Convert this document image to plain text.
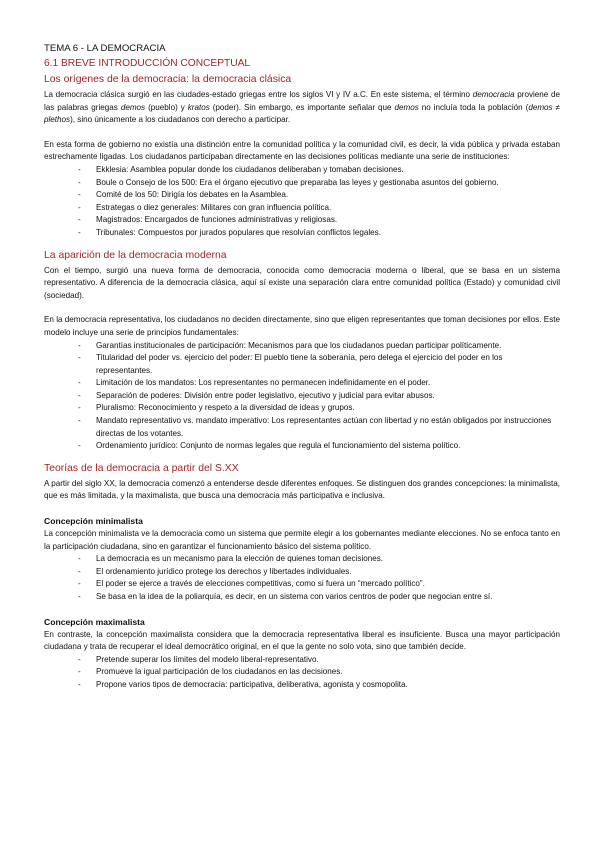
TEMA 6 - LA DEMOCRACIA
6.1 BREVE INTRODUCCIÓN CONCEPTUAL
Los orígenes de la democracia: la democracia clásica

La democracia clásica surgió en las ciudades-estado griegas entre los siglos VI y IV a.C. En este sistema, el término democracia proviene de las palabras griegas demos (pueblo) y kratos (poder). Sin embargo, es importante señalar que demos no incluía toda la población (demos ≠ plethos), sino únicamente a los ciudadanos con derecho a participar.

En esta forma de gobierno no existía una distinción entre la comunidad política y la comunidad civil, es decir, la vida pública y privada estaban estrechamente ligadas. Los ciudadanos participaban directamente en las decisiones políticas mediante una serie de instituciones:

- Ekklesia: Asamblea popular donde los ciudadanos deliberaban y tomaban decisiones.
- Boule o Consejo de los 500: Era el órgano ejecutivo que preparaba las leyes y gestionaba asuntos del gobierno.
- Comité de los 50: Dirigía los debates en la Asamblea.
- Estrategas o diez generales: Militares con gran influencia política.
- Magistrados: Encargados de funciones administrativas y religiosas.
- Tribunales: Compuestos por jurados populares que resolvían conflictos legales.
La aparición de la democracia moderna

Con el tiempo, surgió una nueva forma de democracia, conocida como democracia moderna o liberal, que se basa en un sistema representativo. A diferencia de la democracia clásica, aquí sí existe una separación clara entre comunidad política (Estado) y comunidad civil (sociedad).

En la democracia representativa, los ciudadanos no deciden directamente, sino que eligen representantes que toman decisiones por ellos. Este modelo incluye una serie de principios fundamentales:

- Garantías institucionales de participación: Mecanismos para que los ciudadanos puedan participar políticamente.
- Titularidad del poder vs. ejercicio del poder: El pueblo tiene la soberanía, pero delega el ejercicio del poder en los representantes.
- Limitación de los mandatos: Los representantes no permanecen indefinidamente en el poder.
- Separación de poderes: División entre poder legislativo, ejecutivo y judicial para evitar abusos.
- Pluralismo: Reconocimiento y respeto a la diversidad de ideas y grupos.
- Mandato representativo vs. mandato imperativo: Los representantes actúan con libertad y no están obligados por instrucciones directas de los votantes.
- Ordenamiento jurídico: Conjunto de normas legales que regula el funcionamiento del sistema político.
Teorías de la democracia a partir del S.XX

A partir del siglo XX, la democracia comenzó a entenderse desde diferentes enfoques. Se distinguen dos grandes concepciones: la minimalista, que es más limitada, y la maximalista, que busca una democracia más participativa e inclusiva.

Concepción minimalista

La concepción minimalista ve la democracia como un sistema que permite elegir a los gobernantes mediante elecciones. No se enfoca tanto en la participación ciudadana, sino en garantizar el funcionamiento básico del sistema político.

- La democracia es un mecanismo para la elección de quienes toman decisiones.
- El ordenamiento jurídico protege los derechos y libertades individuales.
- El poder se ejerce a través de elecciones competitivas, como si fuera un “mercado político”.
- Se basa en la idea de la poliarquía, es decir, en un sistema con varios centros de poder que negocian entre sí.
Concepción maximalista

En contraste, la concepción maximalista considera que la democracia representativa liberal es insuficiente. Busca una mayor participación ciudadana y trata de recuperar el ideal democrático original, en el que la gente no solo vota, sino que también decide.

- Pretende superar los límites del modelo liberal-representativo.
- Promueve la igual participación de los ciudadanos en las decisiones.
- Propone varios tipos de democracia: participativa, deliberativa, agonista y cosmopolita.
